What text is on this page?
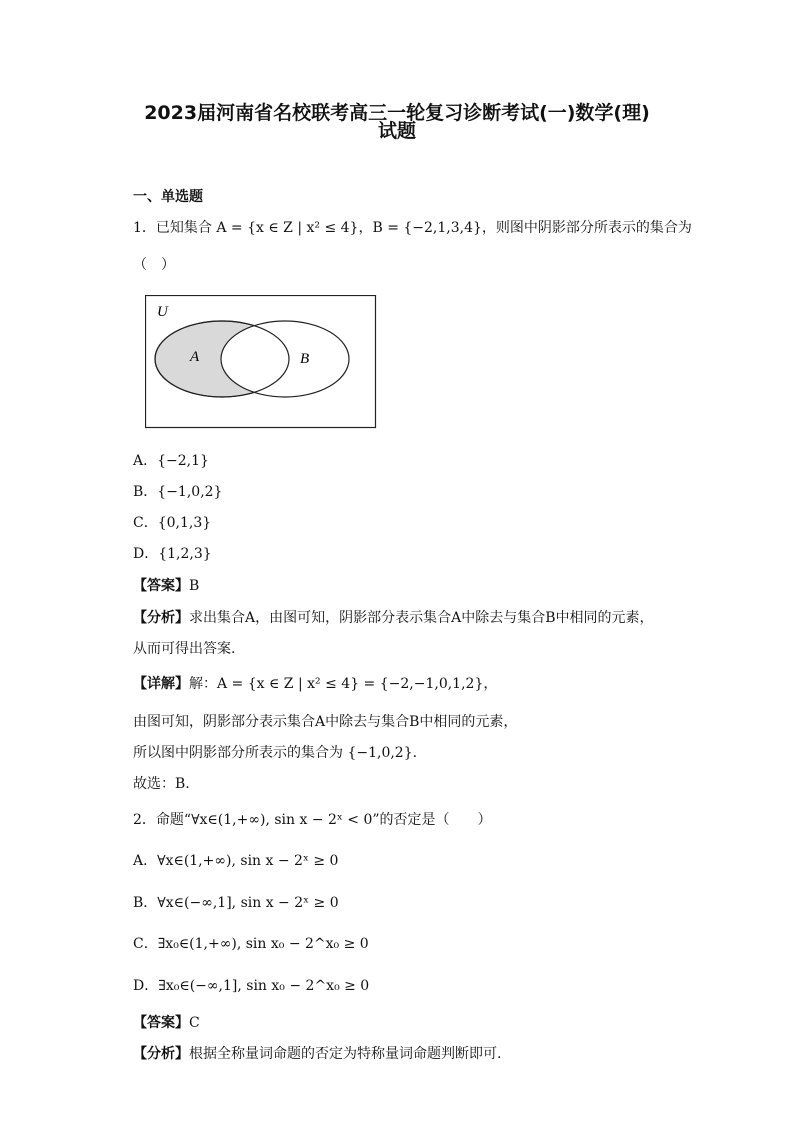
2023届河南省名校联考高三一轮复习诊断考试(一)数学(理)
试题
一、单选题
1．已知集合 A = {x ∈ Z | x² ≤ 4}，B = {−2,1,3,4}，则图中阴影部分所表示的集合为
（　）
U
A	B
A．{−2,1}
B．{−1,0,2}
C．{0,1,3}
D．{1,2,3}
【答案】B
【分析】求出集合A，由图可知，阴影部分表示集合A中除去与集合B中相同的元素，
从而可得出答案.
【详解】解：A = {x ∈ Z | x² ≤ 4} = {−2,−1,0,1,2}，
由图可知，阴影部分表示集合A中除去与集合B中相同的元素，
所以图中阴影部分所表示的集合为 {−1,0,2}.
故选：B.
2．命题“∀x∈(1,+∞), sin x − 2ˣ < 0”的否定是（　　）
A．∀x∈(1,+∞), sin x − 2ˣ ≥ 0
B．∀x∈(−∞,1], sin x − 2ˣ ≥ 0
C．∃x₀∈(1,+∞), sin x₀ − 2^x₀ ≥ 0
D．∃x₀∈(−∞,1], sin x₀ − 2^x₀ ≥ 0
【答案】C
【分析】根据全称量词命题的否定为特称量词命题判断即可.
